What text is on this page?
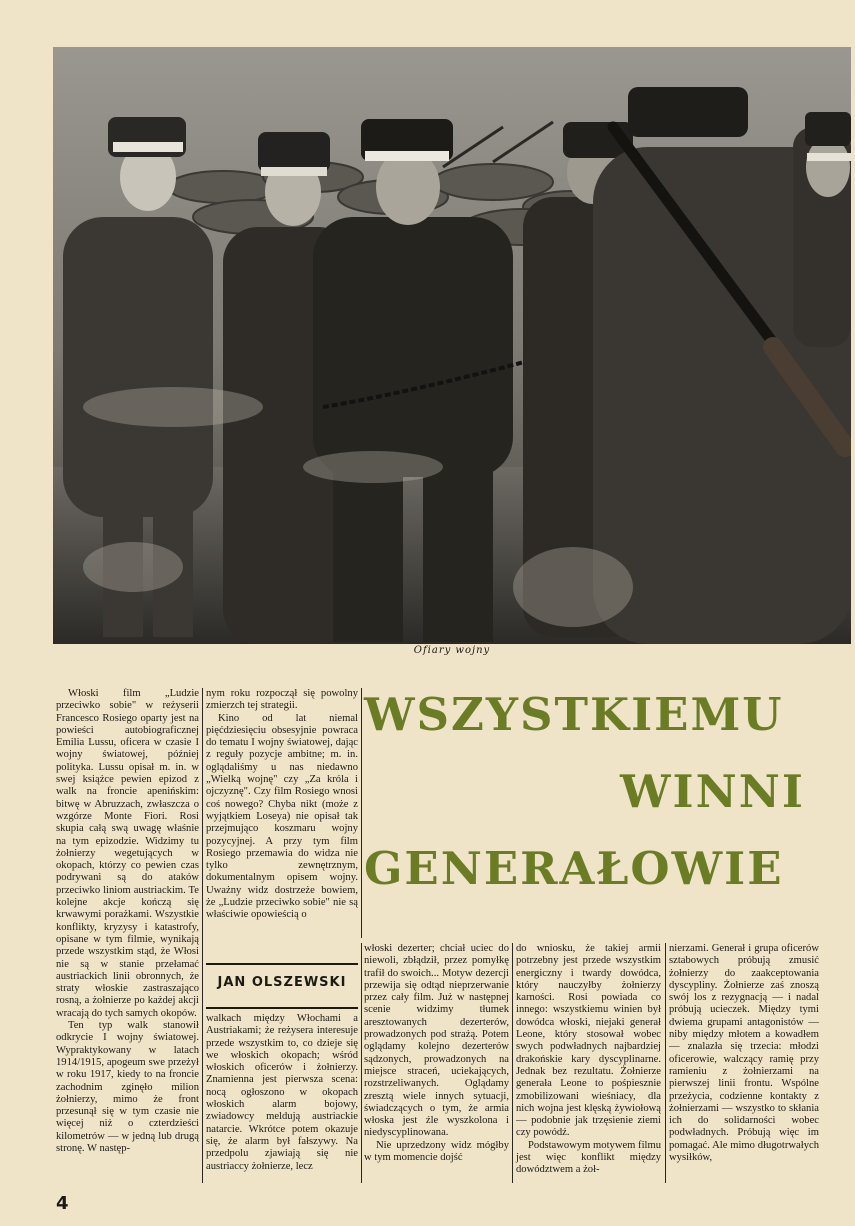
Ofiary wojny
WSZYSTKIEMU
WINNI
GENERAŁOWIE

Włoski film „Ludzie przeciwko sobie" w reżyserii Francesco Rosiego oparty jest na powieści autobiograficznej Emilia Lussu, oficera w czasie I wojny światowej, później polityka. Lussu opisał m. in. w swej książce pewien epizod z walk na froncie apenińskim: bitwę w Abruzzach, zwłaszcza o wzgórze Monte Fiori. Rosi skupia całą swą uwagę właśnie na tym epizodzie. Widzimy tu żołnierzy wegetujących w okopach, którzy co pewien czas podrywani są do ataków przeciwko liniom austriackim. Te kolejne akcje kończą się krwawymi porażkami. Wszystkie konflikty, kryzysy i katastrofy, opisane w tym filmie, wynikają przede wszystkim stąd, że Włosi nie są w stanie przełamać austriackich linii obronnych, że straty włoskie zastraszająco rosną, a żołnierze po każdej akcji wracają do tych samych okopów.

Ten typ walk stanowił odkrycie I wojny światowej. Wypraktykowany w latach 1914/1915, apogeum swe przeżył w roku 1917, kiedy to na froncie zachodnim zginęło milion żołnierzy, mimo że front przesunął się w tym czasie nie więcej niż o czterdzieści kilometrów — w jedną lub drugą stronę. W następ-

nym roku rozpoczął się powolny zmierzch tej strategii.

Kino od lat niemal pięćdziesięciu obsesyjnie powraca do tematu I wojny światowej, dając z reguły pozycje ambitne; m. in. oglądaliśmy u nas niedawno „Wielką wojnę" czy „Za króla i ojczyznę". Czy film Rosiego wnosi coś nowego? Chyba nikt (może z wyjątkiem Loseya) nie opisał tak przejmująco koszmaru wojny pozycyjnej. A przy tym film Rosiego przemawia do widza nie tylko zewnętrznym, dokumentalnym opisem wojny. Uważny widz dostrzeże bowiem, że „Ludzie przeciwko sobie" nie są właściwie opowieścią o

JAN OLSZEWSKI

walkach między Włochami a Austriakami; że reżysera interesuje przede wszystkim to, co dzieje się we włoskich okopach; wśród włoskich oficerów i żołnierzy. Znamienna jest pierwsza scena: nocą ogłoszono w okopach włoskich alarm bojowy, zwiadowcy meldują austriackie natarcie. Wkrótce potem okazuje się, że alarm był fałszywy. Na przedpolu zjawiają się nie austriaccy żołnierze, lecz

włoski dezerter; chciał uciec do niewoli, zbłądził, przez pomyłkę trafił do swoich... Motyw dezercji przewija się odtąd nieprzerwanie przez cały film. Już w następnej scenie widzimy tłumek aresztowanych dezerterów, prowadzonych pod strażą. Potem oglądamy kolejno dezerterów sądzonych, prowadzonych na miejsce straceń, uciekających, rozstrzeliwanych. Oglądamy zresztą wiele innych sytuacji, świadczących o tym, że armia włoska jest źle wyszkolona i niedyscyplinowana.

Nie uprzedzony widz mógłby w tym momencie dojść

do wniosku, że takiej armii potrzebny jest przede wszystkim energiczny i twardy dowódca, który nauczyłby żołnierzy karności. Rosi powiada co innego: wszystkiemu winien był dowódca włoski, niejaki generał Leone, który stosował wobec swych podwładnych najbardziej drakońskie kary dyscyplinarne. Jednak bez rezultatu. Żołnierze generała Leone to pośpiesznie zmobilizowani wieśniacy, dla nich wojna jest klęską żywiołową — podobnie jak trzęsienie ziemi czy powódź.

Podstawowym motywem filmu jest więc konflikt między dowództwem a żoł-

nierzami. Generał i grupa oficerów sztabowych próbują zmusić żołnierzy do zaakceptowania dyscypliny. Żołnierze zaś znoszą swój los z rezygnacją — i nadal próbują ucieczek. Między tymi dwiema grupami antagonistów — niby między młotem a kowadłem — znalazła się trzecia: młodzi oficerowie, walczący ramię przy ramieniu z żołnierzami na pierwszej linii frontu. Wspólne przeżycia, codzienne kontakty z żołnierzami — wszystko to skłania ich do solidarności wobec podwładnych. Próbują więc im pomagać. Ale mimo długotrwałych wysiłków,

4
